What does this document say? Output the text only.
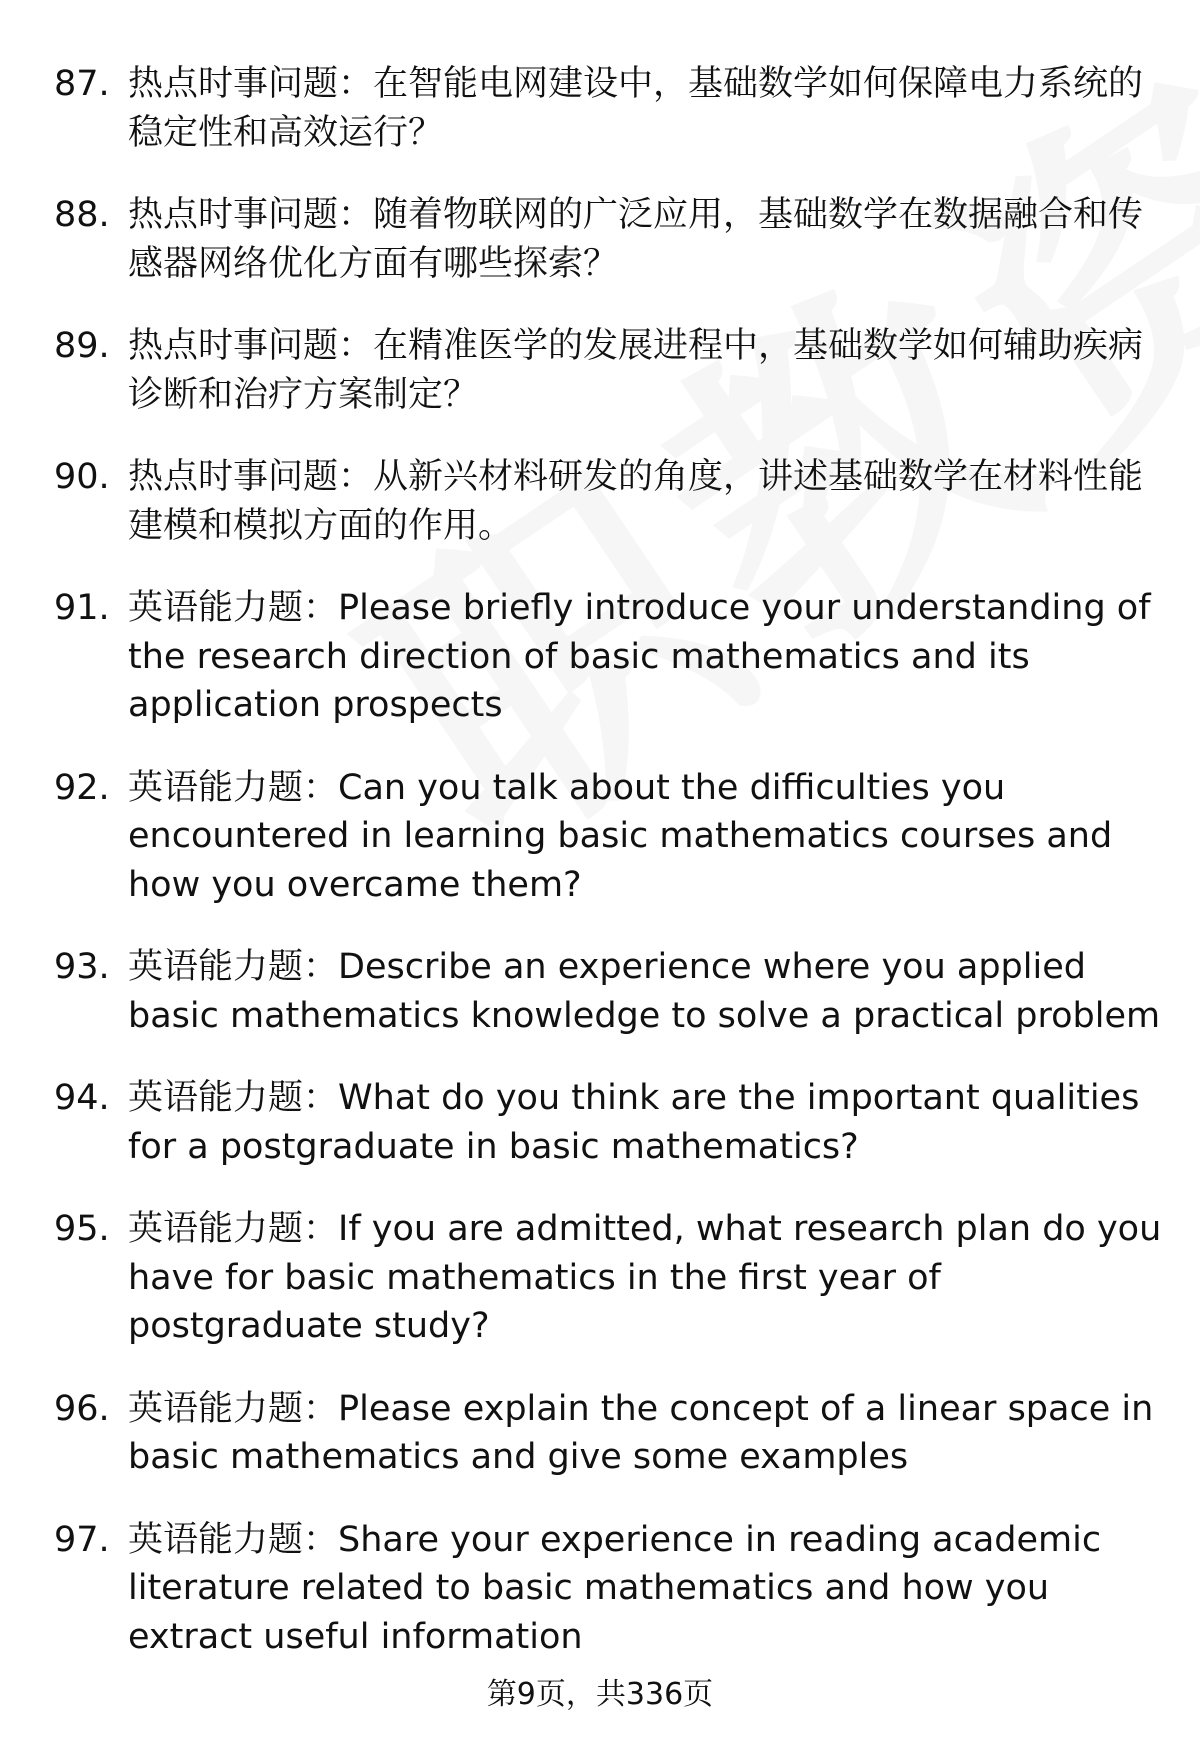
87. 热点时事问题：在智能电网建设中，基础数学如何保障电力系统的稳定性和高效运行？
88. 热点时事问题：随着物联网的广泛应用，基础数学在数据融合和传感器网络优化方面有哪些探索？
89. 热点时事问题：在精准医学的发展进程中，基础数学如何辅助疾病诊断和治疗方案制定？
90. 热点时事问题：从新兴材料研发的角度，讲述基础数学在材料性能建模和模拟方面的作用。
91. 英语能力题：Please briefly introduce your understanding of the research direction of basic mathematics and its application prospects
92. 英语能力题：Can you talk about the difficulties you encountered in learning basic mathematics courses and how you overcame them?
93. 英语能力题：Describe an experience where you applied basic mathematics knowledge to solve a practical problem
94. 英语能力题：What do you think are the important qualities for a postgraduate in basic mathematics?
95. 英语能力题：If you are admitted, what research plan do you have for basic mathematics in the first year of postgraduate study?
96. 英语能力题：Please explain the concept of a linear space in basic mathematics and give some examples
97. 英语能力题：Share your experience in reading academic literature related to basic mathematics and how you extract useful information
第9页，共336页
